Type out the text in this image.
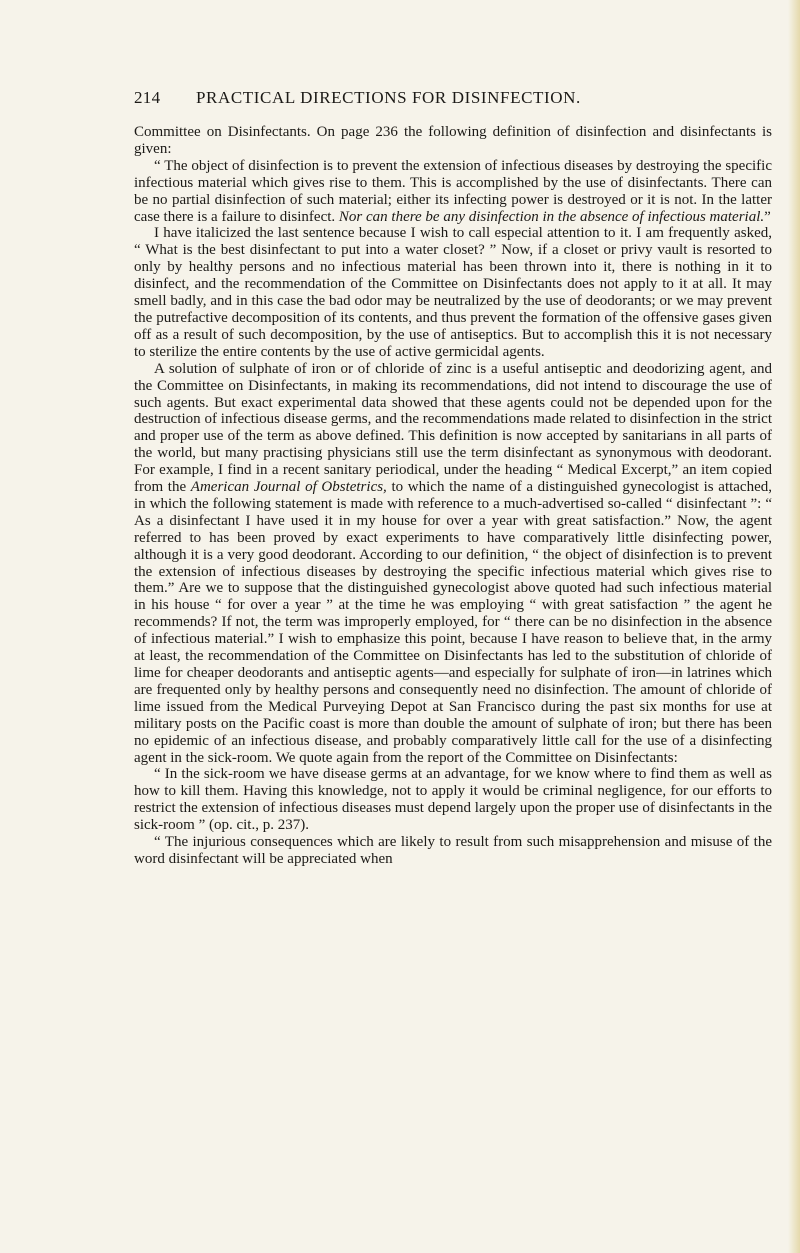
214 PRACTICAL DIRECTIONS FOR DISINFECTION.

Committee on Disinfectants. On page 236 the following definition of disinfection and disinfectants is given:

“ The object of disinfection is to prevent the extension of infectious diseases by destroying the specific infectious material which gives rise to them. This is accomplished by the use of disinfectants. There can be no partial disinfection of such material; either its infecting power is destroyed or it is not. In the latter case there is a failure to disinfect. Nor can there be any disinfection in the absence of infectious material.”

I have italicized the last sentence because I wish to call especial attention to it. I am frequently asked, “ What is the best disinfectant to put into a water closet? ” Now, if a closet or privy vault is resorted to only by healthy persons and no infectious material has been thrown into it, there is nothing in it to disinfect, and the recommendation of the Committee on Disinfectants does not apply to it at all. It may smell badly, and in this case the bad odor may be neutralized by the use of deodorants; or we may prevent the putrefactive decomposition of its contents, and thus prevent the formation of the offensive gases given off as a result of such decomposition, by the use of antiseptics. But to accomplish this it is not necessary to sterilize the entire contents by the use of active germicidal agents.

A solution of sulphate of iron or of chloride of zinc is a useful antiseptic and deodorizing agent, and the Committee on Disinfectants, in making its recommendations, did not intend to discourage the use of such agents. But exact experimental data showed that these agents could not be depended upon for the destruction of infectious disease germs, and the recommendations made related to disinfection in the strict and proper use of the term as above defined. This definition is now accepted by sanitarians in all parts of the world, but many practising physicians still use the term disinfectant as synonymous with deodorant. For example, I find in a recent sanitary periodical, under the heading “ Medical Excerpt,” an item copied from the American Journal of Obstetrics, to which the name of a distinguished gynecologist is attached, in which the following statement is made with reference to a much-advertised so-called “ disinfectant ”: “ As a disinfectant I have used it in my house for over a year with great satisfaction.” Now, the agent referred to has been proved by exact experiments to have comparatively little disinfecting power, although it is a very good deodorant. According to our definition, “ the object of disinfection is to prevent the extension of infectious diseases by destroying the specific infectious material which gives rise to them.” Are we to suppose that the distinguished gynecologist above quoted had such infectious material in his house “ for over a year ” at the time he was employing “ with great satisfaction ” the agent he recommends? If not, the term was improperly employed, for “ there can be no disinfection in the absence of infectious material.” I wish to emphasize this point, because I have reason to believe that, in the army at least, the recommendation of the Committee on Disinfectants has led to the substitution of chloride of lime for cheaper deodorants and antiseptic agents—and especially for sulphate of iron—in latrines which are frequented only by healthy persons and consequently need no disinfection. The amount of chloride of lime issued from the Medical Purveying Depot at San Francisco during the past six months for use at military posts on the Pacific coast is more than double the amount of sulphate of iron; but there has been no epidemic of an infectious disease, and probably comparatively little call for the use of a disinfecting agent in the sick-room. We quote again from the report of the Committee on Disinfectants:

“ In the sick-room we have disease germs at an advantage, for we know where to find them as well as how to kill them. Having this knowledge, not to apply it would be criminal negligence, for our efforts to restrict the extension of infectious diseases must depend largely upon the proper use of disinfectants in the sick-room ” (op. cit., p. 237).

“ The injurious consequences which are likely to result from such misapprehension and misuse of the word disinfectant will be appreciated when
